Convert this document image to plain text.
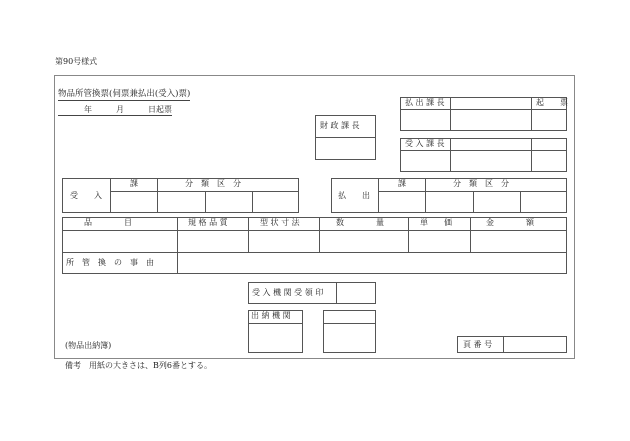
第90号様式
物品所管換票(伺票兼払出(受入)票)
年	月	日起票
財 政 課 長
払 出 課 長	起　　票
受 入 課 長
受　　入
課	分　類　区　分
払　　出
課	分　類　区　分
品　　　　目	規 格 品 質	型 状 寸 法	数　　　　量	単　　価	金　　　　額
所　管　換　の　事　由
受 入 機 関 受 領 印
出 納 機 関
(物品出納簿)	頁 番 号
備考　用紙の大きさは、B列6番とする。
